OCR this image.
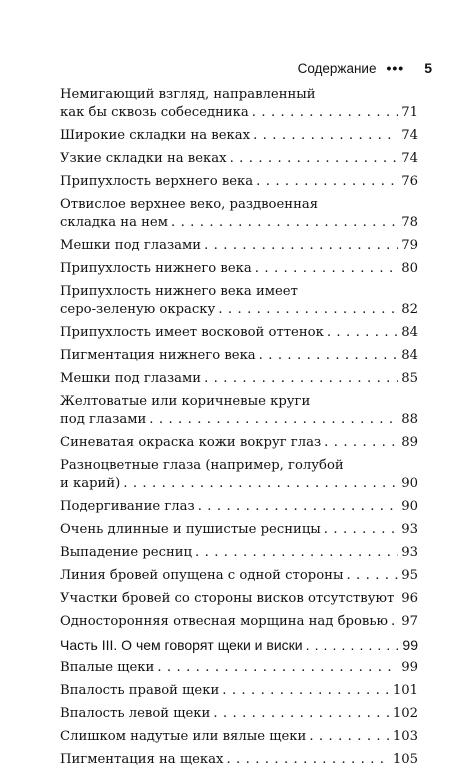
Содержание ••• 5
Немигающий взгляд, направленный
как бы сквозь собеседника . . .	71
Широкие складки на веках . . .	74
Узкие складки на веках . . .	74
Припухлость верхнего века . . .	76
Отвислое верхнее веко, раздвоенная
складка на нем . . .	78
Мешки под глазами . . .	79
Припухлость нижнего века . . .	80
Припухлость нижнего века имеет
серо-зеленую окраску . . .	82
Припухлость имеет восковой оттенок . . .	84
Пигментация нижнего века . . .	84
Мешки под глазами . . .	85
Желтоватые или коричневые круги
под глазами . . .	88
Синеватая окраска кожи вокруг глаз . . .	89
Разноцветные глаза (например, голубой
и карий) . . .	90
Подергивание глаз . . .	90
Очень длинные и пушистые ресницы . . .	93
Выпадение ресниц . . .	93
Линия бровей опущена с одной стороны . . .	95
Участки бровей со стороны висков отсутствуют . . . 96
Односторонняя отвесная морщина над бровью . . . 97
Часть III. О чем говорят щеки и виски . . .	99
Впалые щеки . . .	99
Впалость правой щеки . . .	101
Впалость левой щеки . . .	102
Слишком надутые или вялые щеки . . .	103
Пигментация на щеках . . .	105
